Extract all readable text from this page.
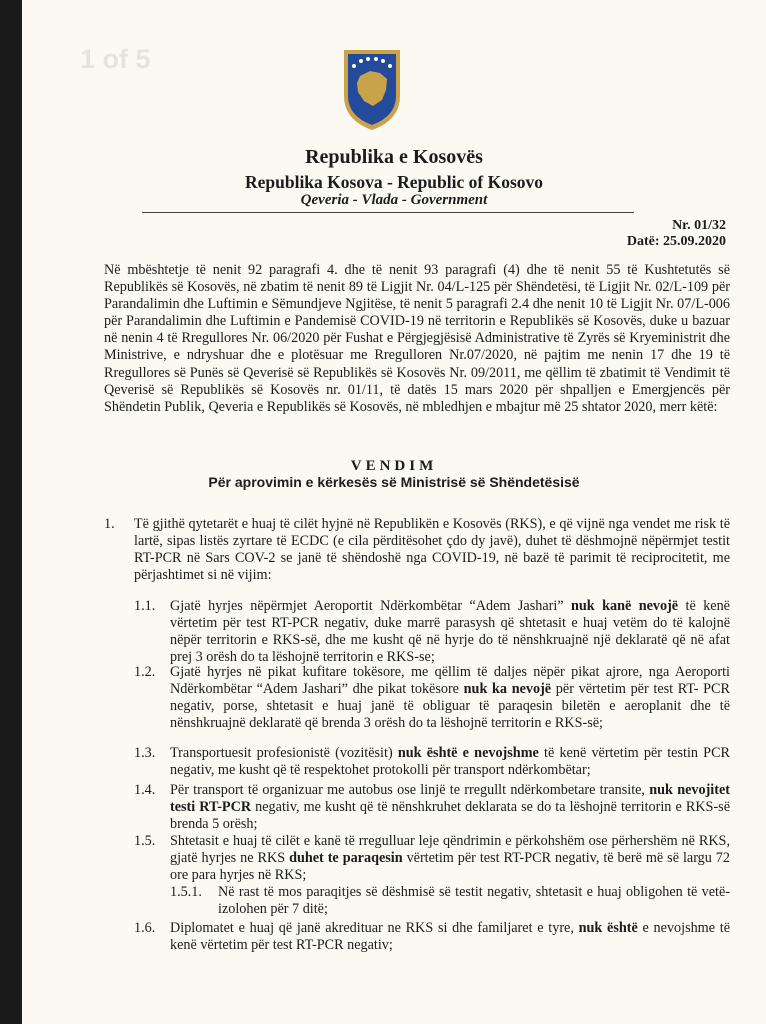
1 of 5
Republika e Kosovës
Republika Kosova - Republic of Kosovo
Qeveria - Vlada - Government
Nr. 01/32
Datë: 25.09.2020
Në mbështetje të nenit 92 paragrafi 4. dhe të nenit 93 paragrafi (4) dhe të nenit 55 të Kushtetutës së Republikës së Kosovës, në zbatim të nenit 89 të Ligjit Nr. 04/L-125 për Shëndetësi, të Ligjit Nr. 02/L-109 për Parandalimin dhe Luftimin e Sëmundjeve Ngjitëse, të nenit 5 paragrafi 2.4 dhe nenit 10 të Ligjit Nr. 07/L-006 për Parandalimin dhe Luftimin e Pandemisë COVID-19 në territorin e Republikës së Kosovës, duke u bazuar në nenin 4 të Rregullores Nr. 06/2020 për Fushat e Përgjegjësisë Administrative të Zyrës së Kryeministrit dhe Ministrive, e ndryshuar dhe e plotësuar me Rregulloren Nr.07/2020, në pajtim me nenin 17 dhe 19 të Rregullores së Punës së Qeverisë së Republikës së Kosovës Nr. 09/2011, me qëllim të zbatimit të Vendimit të Qeverisë së Republikës së Kosovës nr. 01/11, të datës 15 mars 2020 për shpalljen e Emergjencës për Shëndetin Publik, Qeveria e Republikës së Kosovës, në mbledhjen e mbajtur më 25 shtator 2020, merr këtë:
VENDIM
Për aprovimin e kërkesës së Ministrisë së Shëndetësisë
1. Të gjithë qytetarët e huaj të cilët hyjnë në Republikën e Kosovës (RKS), e që vijnë nga vendet me risk të lartë, sipas listës zyrtare të ECDC (e cila përditësohet çdo dy javë), duhet të dëshmojnë nëpërmjet testit RT-PCR në Sars COV-2 se janë të shëndoshë nga COVID-19, në bazë të parimit të reciprocitetit, me përjashtimet si në vijim:
1.1. Gjatë hyrjes nëpërmjet Aeroportit Ndërkombëtar “Adem Jashari” nuk kanë nevojë të kenë vërtetim për test RT-PCR negativ, duke marrë parasysh që shtetasit e huaj vetëm do të kalojnë nëpër territorin e RKS-së, dhe me kusht që në hyrje do të nënshkruajnë një deklaratë që në afat prej 3 orësh do ta lëshojnë territorin e RKS-se;
1.2. Gjatë hyrjes në pikat kufitare tokësore, me qëllim të daljes nëpër pikat ajrore, nga Aeroporti Ndërkombëtar “Adem Jashari” dhe pikat tokësore nuk ka nevojë për vërtetim për test RT- PCR negativ, porse, shtetasit e huaj janë të obliguar të paraqesin biletën e aeroplanit dhe të nënshkruajnë deklaratë që brenda 3 orësh do ta lëshojnë territorin e RKS-së;
1.3. Transportuesit profesionistë (vozitësit) nuk është e nevojshme të kenë vërtetim për testin PCR negativ, me kusht që të respektohet protokolli për transport ndërkombëtar;
1.4. Për transport të organizuar me autobus ose linjë te rregullt ndërkombetare transite, nuk nevojitet testi RT-PCR negativ, me kusht që të nënshkruhet deklarata se do ta lëshojnë territorin e RKS-së brenda 5 orësh;
1.5. Shtetasit e huaj të cilët e kanë të rregulluar leje qëndrimin e përkohshëm ose përhershëm në RKS, gjatë hyrjes ne RKS duhet te paraqesin vërtetim për test RT-PCR negativ, të berë më së largu 72 ore para hyrjes në RKS;
1.5.1. Në rast të mos paraqitjes së dëshmisë së testit negativ, shtetasit e huaj obligohen të vetë-izolohen për 7 ditë;
1.6. Diplomatet e huaj që janë akredituar ne RKS si dhe familjaret e tyre, nuk është e nevojshme të kenë vërtetim për test RT-PCR negativ;
